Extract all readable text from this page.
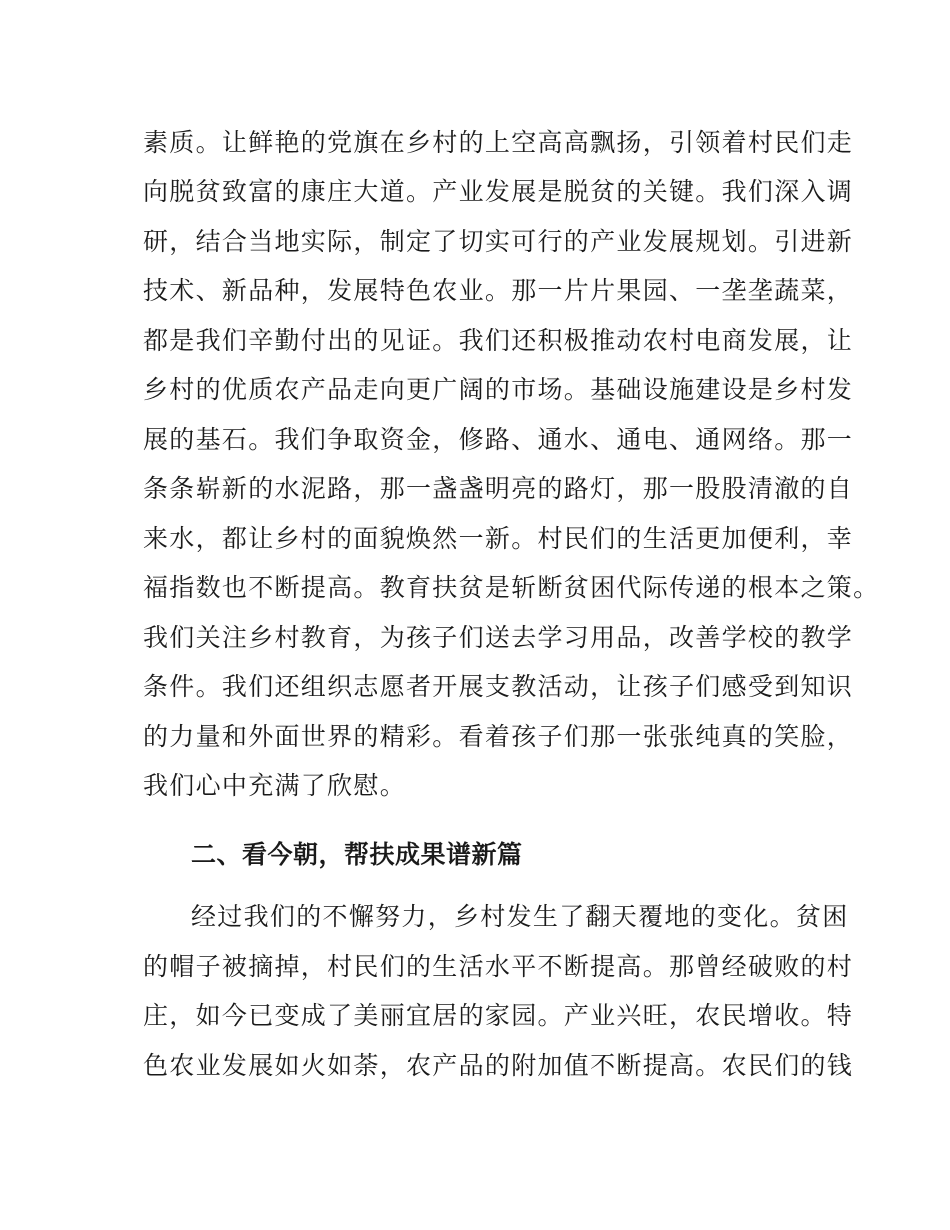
素质。让鲜艳的党旗在乡村的上空高高飘扬，引领着村民们走
向脱贫致富的康庄大道。产业发展是脱贫的关键。我们深入调
研，结合当地实际，制定了切实可行的产业发展规划。引进新
技术、新品种，发展特色农业。那一片片果园、一垄垄蔬菜，
都是我们辛勤付出的见证。我们还积极推动农村电商发展，让
乡村的优质农产品走向更广阔的市场。基础设施建设是乡村发
展的基石。我们争取资金，修路、通水、通电、通网络。那一
条条崭新的水泥路，那一盏盏明亮的路灯，那一股股清澈的自
来水，都让乡村的面貌焕然一新。村民们的生活更加便利，幸
福指数也不断提高。教育扶贫是斩断贫困代际传递的根本之策。
我们关注乡村教育，为孩子们送去学习用品，改善学校的教学
条件。我们还组织志愿者开展支教活动，让孩子们感受到知识
的力量和外面世界的精彩。看着孩子们那一张张纯真的笑脸，
我们心中充满了欣慰。
二、看今朝，帮扶成果谱新篇
经过我们的不懈努力，乡村发生了翻天覆地的变化。贫困
的帽子被摘掉，村民们的生活水平不断提高。那曾经破败的村
庄，如今已变成了美丽宜居的家园。产业兴旺，农民增收。特
色农业发展如火如荼，农产品的附加值不断提高。农民们的钱
